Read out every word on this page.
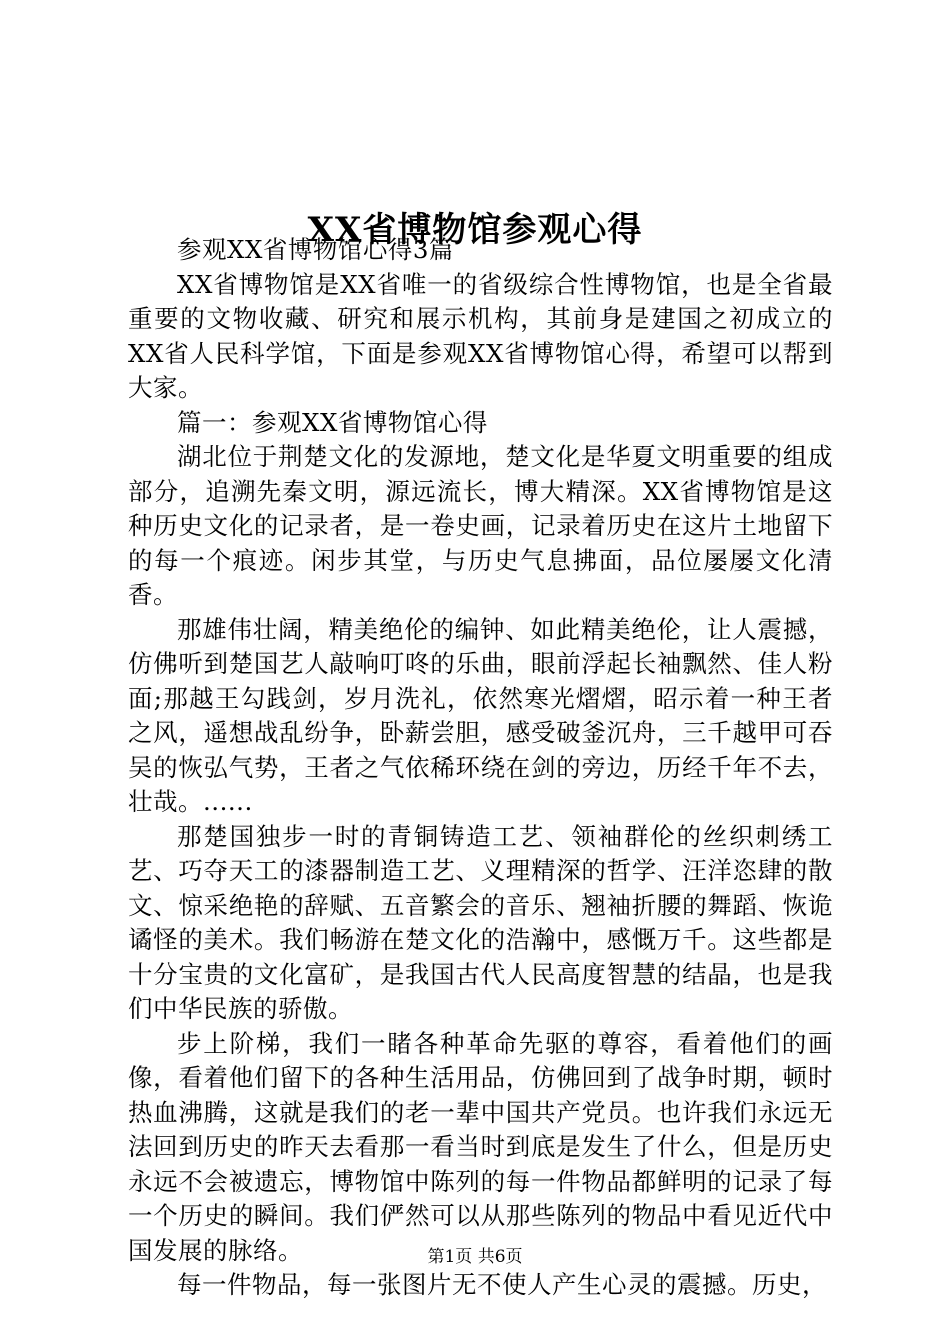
XX省博物馆参观心得

参观XX省博物馆心得3篇

XX省博物馆是XX省唯一的省级综合性博物馆，也是全省最重要的文物收藏、研究和展示机构，其前身是建国之初成立的XX省人民科学馆，下面是参观XX省博物馆心得，希望可以帮到大家。

篇一：参观XX省博物馆心得

湖北位于荆楚文化的发源地，楚文化是华夏文明重要的组成部分，追溯先秦文明，源远流长，博大精深。XX省博物馆是这种历史文化的记录者，是一卷史画，记录着历史在这片土地留下的每一个痕迹。闲步其堂，与历史气息拂面，品位屡屡文化清香。

那雄伟壮阔，精美绝伦的编钟、如此精美绝伦，让人震撼，仿佛听到楚国艺人敲响叮咚的乐曲，眼前浮起长袖飘然、佳人粉面;那越王勾践剑，岁月洗礼，依然寒光熠熠，昭示着一种王者之风，遥想战乱纷争，卧薪尝胆，感受破釜沉舟，三千越甲可吞吴的恢弘气势，王者之气依稀环绕在剑的旁边，历经千年不去，壮哉。......

那楚国独步一时的青铜铸造工艺、领袖群伦的丝织刺绣工艺、巧夺天工的漆器制造工艺、义理精深的哲学、汪洋恣肆的散文、惊采绝艳的辞赋、五音繁会的音乐、翘袖折腰的舞蹈、恢诡谲怪的美术。我们畅游在楚文化的浩瀚中，感慨万千。这些都是十分宝贵的文化富矿，是我国古代人民高度智慧的结晶，也是我们中华民族的骄傲。

步上阶梯，我们一睹各种革命先驱的尊容，看着他们的画像，看着他们留下的各种生活用品，仿佛回到了战争时期，顿时热血沸腾，这就是我们的老一辈中国共产党员。也许我们永远无法回到历史的昨天去看那一看当时到底是发生了什么，但是历史永远不会被遗忘，博物馆中陈列的每一件物品都鲜明的记录了每一个历史的瞬间。我们俨然可以从那些陈列的物品中看见近代中国发展的脉络。

每一件物品，每一张图片无不使人产生心灵的震撼。历史，

第1页 共6页
